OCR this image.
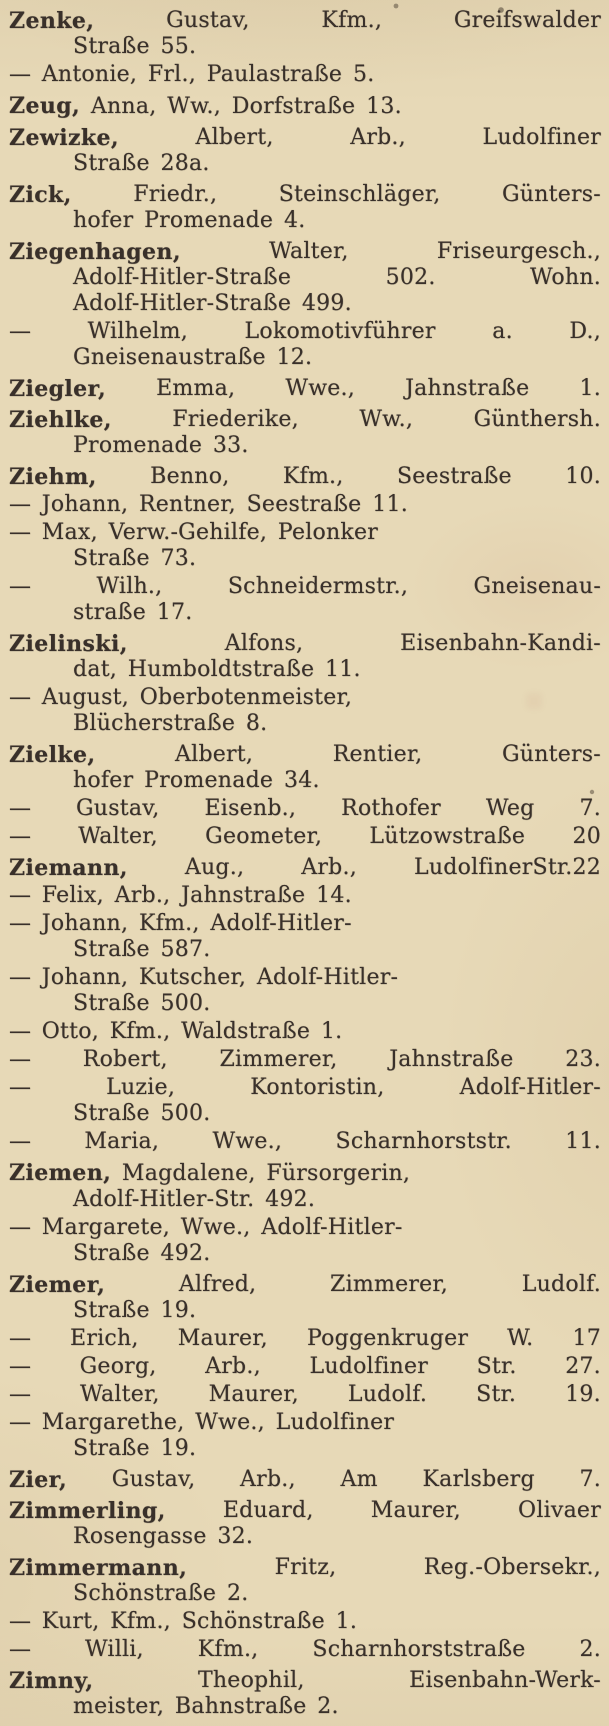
Zenke,	Gustav,	Kfm.,	Greifswalder
Straße 55.
— Antonie, Frl., Paulastraße 5.
Zeug, Anna, Ww., Dorfstraße 13.
Zewizke,	Albert,	Arb.,	Ludolfiner
Straße 28a.
Zick,	Friedr.,	Steinschläger,	Günters-
hofer Promenade 4.
Ziegenhagen,	Walter,	Friseurgesch.,
Adolf-Hitler-Straße	502.	Wohn.
Adolf-Hitler-Straße 499.
—	Wilhelm,	Lokomotivführer	a.	D.,
Gneisenaustraße 12.
Ziegler, Emma, Wwe., Jahnstraße 1.
Ziehlke,	Friederike,	Ww.,	Günthersh.
Promenade 33.
Ziehm, Benno, Kfm., Seestraße 10.
— Johann, Rentner, Seestraße 11.
— Max, Verw.-Gehilfe, Pelonker
Straße 73.
—	Wilh.,	Schneidermstr.,	Gneisenau-
straße 17.
Zielinski,	Alfons,	Eisenbahn-Kandi-
dat, Humboldtstraße 11.
— August, Oberbotenmeister,
Blücherstraße 8.
Zielke,	Albert,	Rentier,	Günters-
hofer Promenade 34.
— Gustav, Eisenb., Rothofer Weg 7.
— Walter, Geometer, Lützowstraße 20
Ziemann,	Aug.,	Arb.,	LudolfinerStr.22
— Felix, Arb., Jahnstraße 14.
— Johann, Kfm., Adolf-Hitler-
Straße 587.
— Johann, Kutscher, Adolf-Hitler-
Straße 500.
— Otto, Kfm., Waldstraße 1.
— Robert, Zimmerer, Jahnstraße 23.
—	Luzie,	Kontoristin,	Adolf-Hitler-
Straße 500.
— Maria, Wwe., Scharnhorststr. 11.
Ziemen, Magdalene, Fürsorgerin,
Adolf-Hitler-Str. 492.
— Margarete, Wwe., Adolf-Hitler-
Straße 492.
Ziemer,	Alfred,	Zimmerer,	Ludolf.
Straße 19.
— Erich, Maurer, Poggenkruger W. 17
— Georg, Arb., Ludolfiner Str. 27.
— Walter, Maurer, Ludolf. Str. 19.
— Margarethe, Wwe., Ludolfiner
Straße 19.
Zier, Gustav, Arb., Am Karlsberg 7.
Zimmerling,	Eduard,	Maurer,	Olivaer
Rosengasse 32.
Zimmermann,	Fritz,	Reg.-Obersekr.,
Schönstraße 2.
— Kurt, Kfm., Schönstraße 1.
— Willi, Kfm., Scharnhorststraße 2.
Zimny,	Theophil,	Eisenbahn-Werk-
meister, Bahnstraße 2.
